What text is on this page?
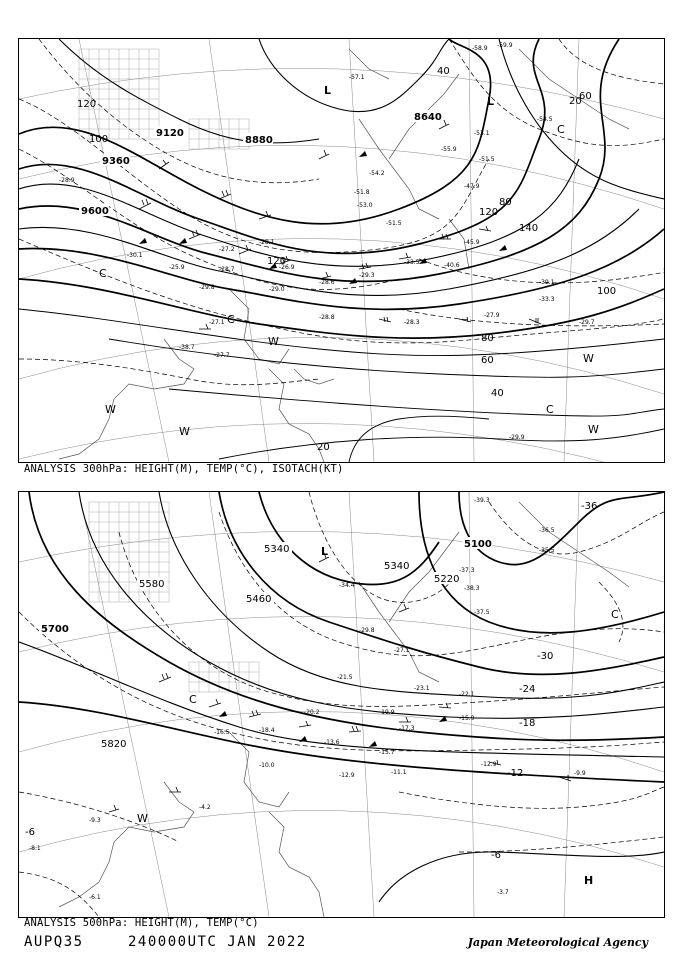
8640
8880
9120
9360
9600
120
20
40
60
80
100
120
140
60
80
40
20
120
100
-58.9 -59.9
-57.1
-53.1
-51.5
-54.5
-55.9
-54.2
-51.8
-53.0
-51.5
-47.9
-45.9
-40.6
-33.5
-29.7
-27.9
-29.9
-29.3
-28.3
-28.9
-25.9	-28.7
-29.0
-28.1
-27.2
-26.9
-28.6
-29.8
-30.1
-27.1
-39.1
-33.3
-38.7
-28.8
-27.7
L
L
C
C
C
C
W
W	W
W
W
ANALYSIS 300hPa: HEIGHT(M), TEMP(°C), ISOTACH(KT)
5100
5220
5340
5340
5460
5580
5700
5820
-36
-30
-24
-18
-12
-6
-6
-39.3
-36.5
-35.5
-34.4
-37.3
-37.5
-38.3
-29.8
-27.1
-21.5
-23.1
-22.1
-19.9
-15.9
-17.3
-20.2
-18.4
-16.5
-13.6
-10.0
-12.9
-15.7
-11.1
-12.9
-9.9
-4.2
-3.7
-8.1
-6.1
-9.3
L
C
C
W
H
ANALYSIS 500hPa: HEIGHT(M), TEMP(°C)
AUPQ35	240000UTC JAN 2022	Japan Meteorological Agency
